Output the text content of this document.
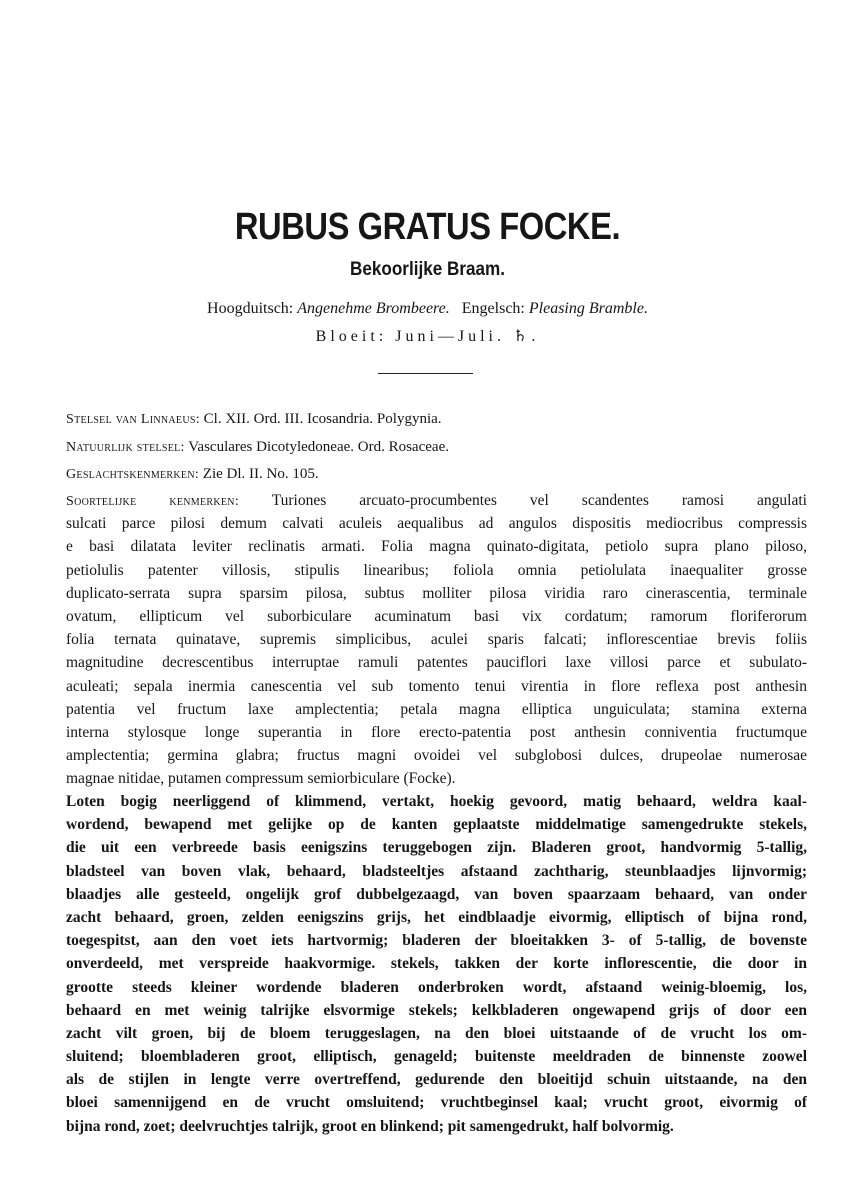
RUBUS GRATUS FOCKE.
Bekoorlijke Braam.
Hoogduitsch: Angenehme Brombeere. Engelsch: Pleasing Bramble.
Bloeit: Juni—Juli. ♄.
Stelsel van Linnaeus: Cl. XII. Ord. III. Icosandria. Polygynia.
Natuurlijk stelsel: Vasculares Dicotyledoneae. Ord. Rosaceae.
Geslachtskenmerken: Zie Dl. II. No. 105.
Soortelijke kenmerken: Turiones arcuato-procumbentes vel scandentes ramosi angulati
sulcati parce pilosi demum calvati aculeis aequalibus ad angulos dispositis mediocribus compressis
e basi dilatata leviter reclinatis armati. Folia magna quinato-digitata, petiolo supra plano piloso,
petiolulis patenter villosis, stipulis linearibus; foliola omnia petiolulata inaequaliter grosse
duplicato-serrata supra sparsim pilosa, subtus molliter pilosa viridia raro cinerascentia, terminale
ovatum, ellipticum vel suborbiculare acuminatum basi vix cordatum; ramorum floriferorum
folia ternata quinatave, supremis simplicibus, aculei sparis falcati; inflorescentiae brevis foliis
magnitudine decrescentibus interruptae ramuli patentes pauciflori laxe villosi parce et subulato-
aculeati; sepala inermia canescentia vel sub tomento tenui virentia in flore reflexa post anthesin
patentia vel fructum laxe amplectentia; petala magna elliptica unguiculata; stamina externa
interna stylosque longe superantia in flore erecto-patentia post anthesin conniventia fructumque
amplectentia; germina glabra; fructus magni ovoidei vel subglobosi dulces, drupeolae numerosae
magnae nitidae, putamen compressum semiorbiculare (Focke).
Loten bogig neerliggend of klimmend, vertakt, hoekig gevoord, matig behaard, weldra kaal-
wordend, bewapend met gelijke op de kanten geplaatste middelmatige samengedrukte stekels,
die uit een verbreede basis eenigszins teruggebogen zijn. Bladeren groot, handvormig 5-tallig,
bladsteel van boven vlak, behaard, bladsteeltjes afstaand zachtharig, steunblaadjes lijnvormig;
blaadjes alle gesteeld, ongelijk grof dubbelgezaagd, van boven spaarzaam behaard, van onder
zacht behaard, groen, zelden eenigszins grijs, het eindblaadje eivormig, elliptisch of bijna rond,
toegespitst, aan den voet iets hartvormig; bladeren der bloeitakken 3- of 5-tallig, de bovenste
onverdeeld, met verspreide haakvormige. stekels, takken der korte inflorescentie, die door in
grootte steeds kleiner wordende bladeren onderbroken wordt, afstaand weinig-bloemig, los,
behaard en met weinig talrijke elsvormige stekels; kelkbladeren ongewapend grijs of door een
zacht vilt groen, bij de bloem teruggeslagen, na den bloei uitstaande of de vrucht los om-
sluitend; bloembladeren groot, elliptisch, genageld; buitenste meeldraden de binnenste zoowel
als de stijlen in lengte verre overtreffend, gedurende den bloeitijd schuin uitstaande, na den
bloei samennijgend en de vrucht omsluitend; vruchtbeginsel kaal; vrucht groot, eivormig of
bijna rond, zoet; deelvruchtjes talrijk, groot en blinkend; pit samengedrukt, half bolvormig.
